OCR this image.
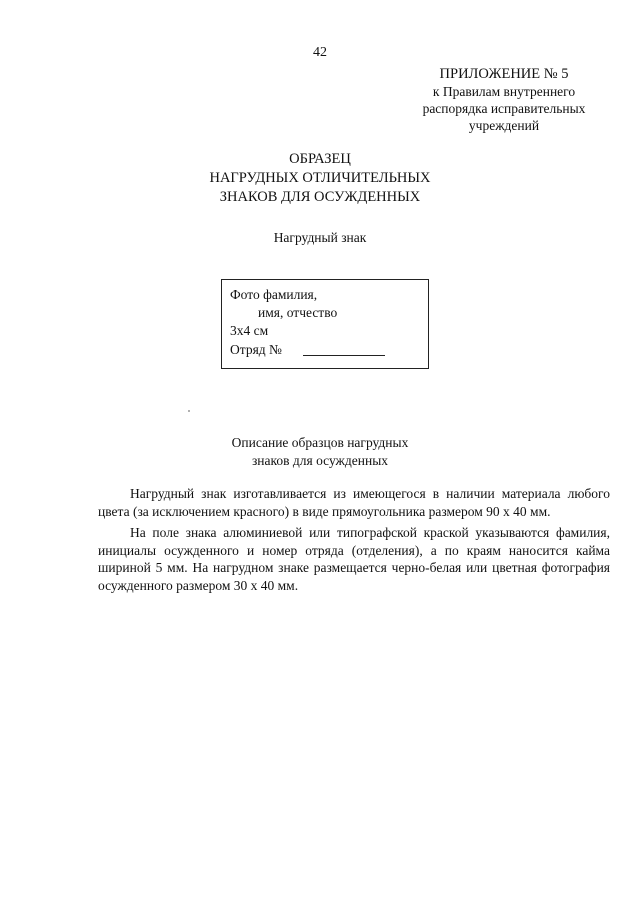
42
ПРИЛОЖЕНИЕ № 5
к Правилам внутреннего
распорядка исправительных
учреждений
ОБРАЗЕЦ
НАГРУДНЫХ ОТЛИЧИТЕЛЬНЫХ
ЗНАКОВ ДЛЯ ОСУЖДЕННЫХ
Нагрудный знак
Фото фамилия,
имя, отчество
3х4 см
Отряд №
Описание образцов нагрудных
знаков для осужденных

Нагрудный знак изготавливается из имеющегося в наличии материала любого цвета (за исключением красного) в виде прямоугольника размером 90 х 40 мм.

На поле знака алюминиевой или типографской краской указываются фамилия, инициалы осужденного и номер отряда (отделения), а по краям наносится кайма шириной 5 мм. На нагрудном знаке размещается черно-белая или цветная фотография осужденного размером 30 х 40 мм.
